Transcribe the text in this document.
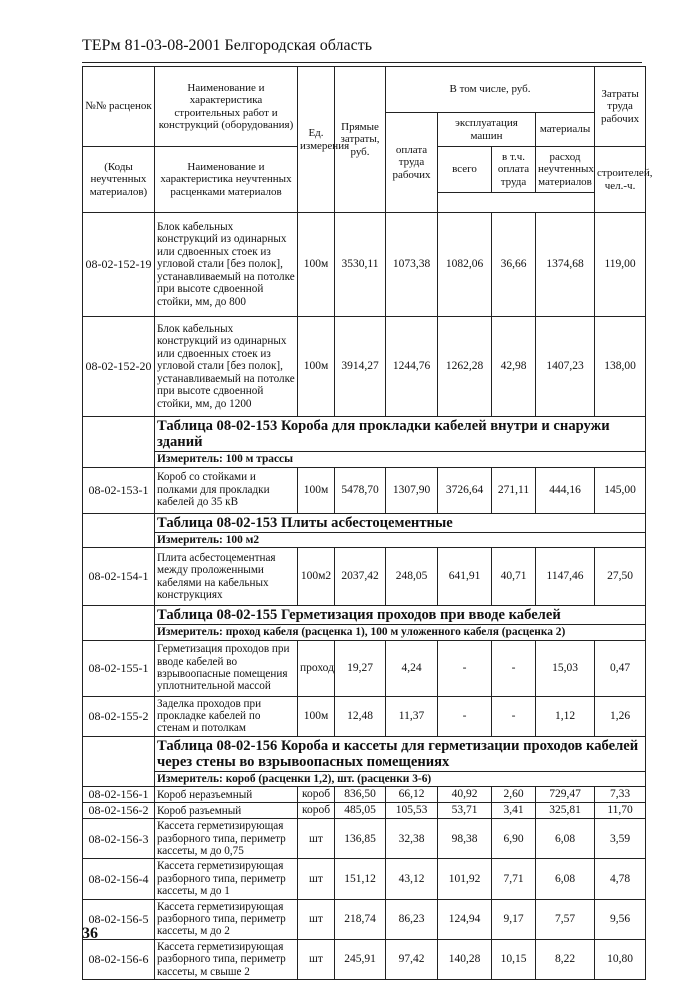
ТЕРм 81-03-08-2001 Белгородская область
№№ расценок	Наименование и характеристика строительных работ и конструкций (оборудования)	Ед. измерения	Прямые затраты, руб.	В том числе, руб.				Затраты труда рабочих
				оплата труда рабочих	эксплуатация машин		материалы	
(Коды неучтенных материалов)	Наименование и характеристика неучтенных расценками материалов				всего	в т.ч. оплата труда	расход неучтенных материалов	строителей, чел.-ч.

08-02-152-19	Блок кабельных конструкций из одинарных или сдвоенных стоек из угловой стали [без полок], устанавливаемый на потолке при высоте сдвоенной стойки, мм, до 800	100м	3530,11	1073,38	1082,06	36,66	1374,68	119,00
08-02-152-20	Блок кабельных конструкций из одинарных или сдвоенных стоек из угловой стали [без полок], устанавливаемый на потолке при высоте сдвоенной стойки, мм, до 1200	100м	3914,27	1244,76	1262,28	42,98	1407,23	138,00
	Таблица 08-02-153 Короба для прокладки кабелей внутри и снаружи зданий							
	Измеритель: 100 м трассы							
08-02-153-1	Короб со стойками и полками для прокладки кабелей до 35 кВ	100м	5478,70	1307,90	3726,64	271,11	444,16	145,00
	Таблица 08-02-153 Плиты асбестоцементные							
	Измеритель: 100 м2							
08-02-154-1	Плита асбестоцементная между проложенными кабелями на кабельных конструкциях	100м2	2037,42	248,05	641,91	40,71	1147,46	27,50
	Таблица 08-02-155 Герметизация проходов при вводе кабелей							
	Измеритель: проход кабеля (расценка 1), 100 м уложенного кабеля (расценка 2)							
08-02-155-1	Герметизация проходов при вводе кабелей во взрывоопасные помещения уплотнительной массой	проход	19,27	4,24	-	-	15,03	0,47
08-02-155-2	Заделка проходов при прокладке кабелей по стенам и потолкам	100м	12,48	11,37	-	-	1,12	1,26
	Таблица 08-02-156 Короба и кассеты для герметизации проходов кабелей через стены во взрывоопасных помещениях							
	Измеритель: короб (расценки 1,2), шт. (расценки 3-6)							
08-02-156-1	Короб неразъемный	короб	836,50	66,12	40,92	2,60	729,47	7,33
08-02-156-2	Короб разъемный	короб	485,05	105,53	53,71	3,41	325,81	11,70
08-02-156-3	Кассета герметизирующая разборного типа, периметр кассеты, м до 0,75	шт	136,85	32,38	98,38	6,90	6,08	3,59
08-02-156-4	Кассета герметизирующая разборного типа, периметр кассеты, м до 1	шт	151,12	43,12	101,92	7,71	6,08	4,78
08-02-156-5	Кассета герметизирующая разборного типа, периметр кассеты, м до 2	шт	218,74	86,23	124,94	9,17	7,57	9,56
08-02-156-6	Кассета герметизирующая разборного типа, периметр кассеты, м свыше 2	шт	245,91	97,42	140,28	10,15	8,22	10,80
36
